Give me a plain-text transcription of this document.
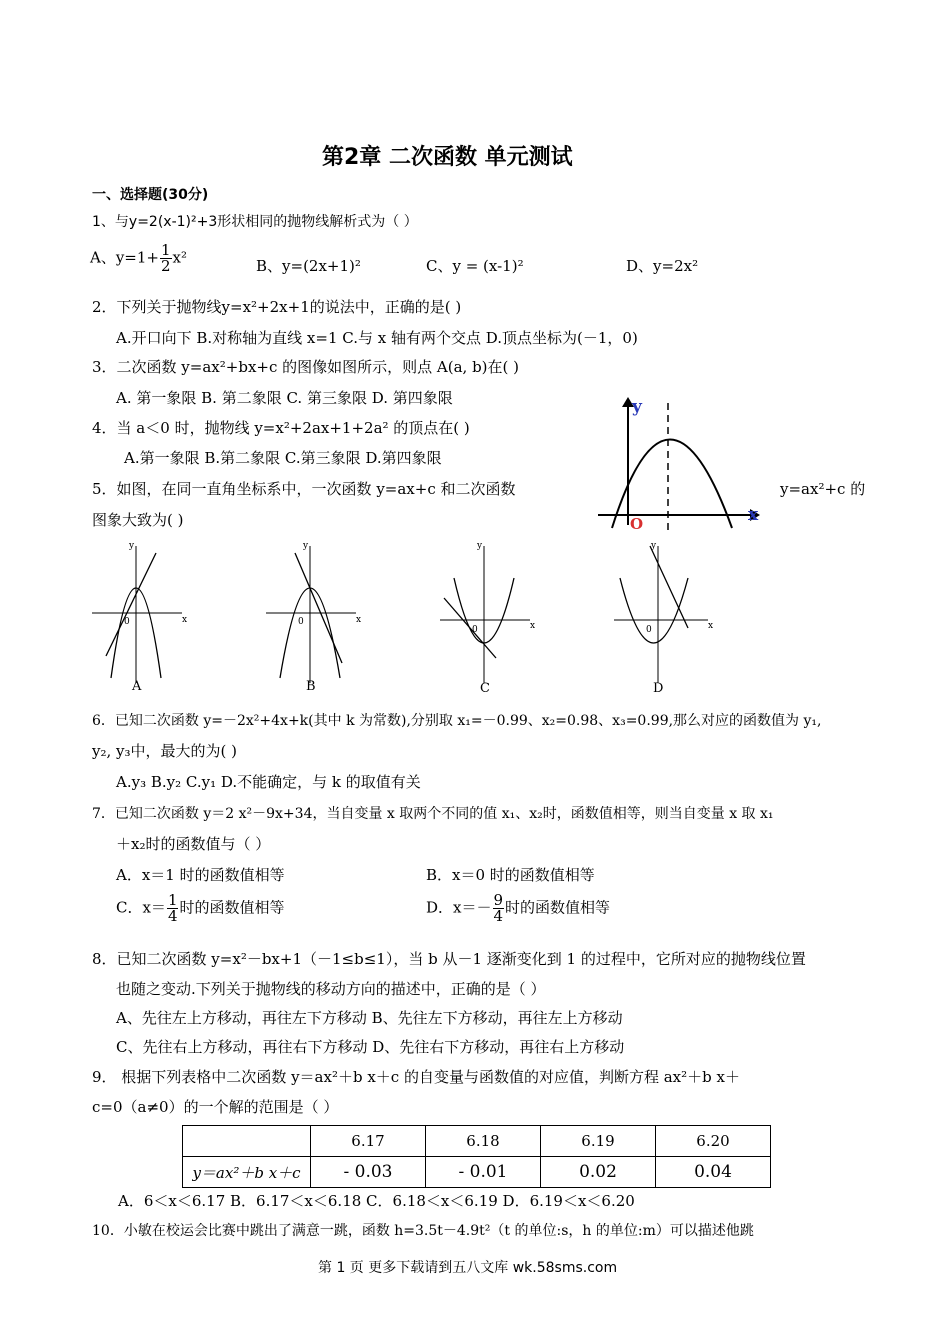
第2章 二次函数 单元测试
一、选择题(30分)
1、与y=2(x-1)²+3形状相同的抛物线解析式为（ ）
A、$y=1+ \frac{1}{2} x^2$	B、y=(2x+1)²	C、y = (x-1)²	D、y=2x²
2．下列关于抛物线y=x²+2x+1的说法中，正确的是( )
A.开口向下 B.对称轴为直线 x=1 C.与 x 轴有两个交点 D.顶点坐标为(－1，0)
3．二次函数 y=ax²+bx+c 的图像如图所示，则点 A(a, b)在( )
A. 第一象限 B. 第二象限 C. 第三象限 D. 第四象限	y
x
O
4．当 a＜0 时，抛物线 y=x²+2ax+1+2a² 的顶点在( )
A.第一象限 B.第二象限 C.第三象限 D.第四象限
5．如图，在同一直角坐标系中，一次函数 y=ax+c 和二次函数	y=ax²+c 的
图象大致为( )
y
x
0
A
y
x
0
B
y
x
0
C
y
x
0
D
6．已知二次函数 y=－2x²+4x+k(其中 k 为常数),分别取 x₁=－0.99、x₂=0.98、x₃=0.99,那么对应的函数值为 y₁,
y₂, y₃中，最大的为( )
A.y₃ B.y₂ C.y₁ D.不能确定，与 k 的取值有关
7．已知二次函数 y＝2 x²－9x+34，当自变量 x 取两个不同的值 x₁、x₂时，函数值相等，则当自变量 x 取 x₁
＋x₂时的函数值与（ ）
A．x＝1 时的函数值相等	B．x＝0 时的函数值相等
C．$x= \frac{1}{4}$ 时的函数值相等	D．$x=- \frac{9}{4}$ 时的函数值相等
8．已知二次函数 y=x²－bx+1（－1≤b≤1），当 b 从－1 逐渐变化到 1 的过程中，它所对应的抛物线位置
也随之变动.下列关于抛物线的移动方向的描述中，正确的是（ ）
A、先往左上方移动，再往左下方移动 B、先往左下方移动，再往左上方移动
C、先往右上方移动，再往右下方移动 D、先往右下方移动，再往右上方移动
9． 根据下列表格中二次函数 y＝ax²＋b x＋c 的自变量与函数值的对应值，判断方程 ax²＋b x＋
c=0（a≠0）的一个解的范围是（ ）
	6.17	6.18	6.19	6.20
y＝ax²＋b x＋c	- 0.03	- 0.01	0.02	0.04
A．6＜x＜6.17 B．6.17＜x＜6.18 C．6.18＜x＜6.19 D．6.19＜x＜6.20
10．小敏在校运会比赛中跳出了满意一跳，函数 h=3.5t－4.9t²（t 的单位:s，h 的单位:m）可以描述他跳
第 1 页 更多下载请到五八文库 wk.58sms.com
